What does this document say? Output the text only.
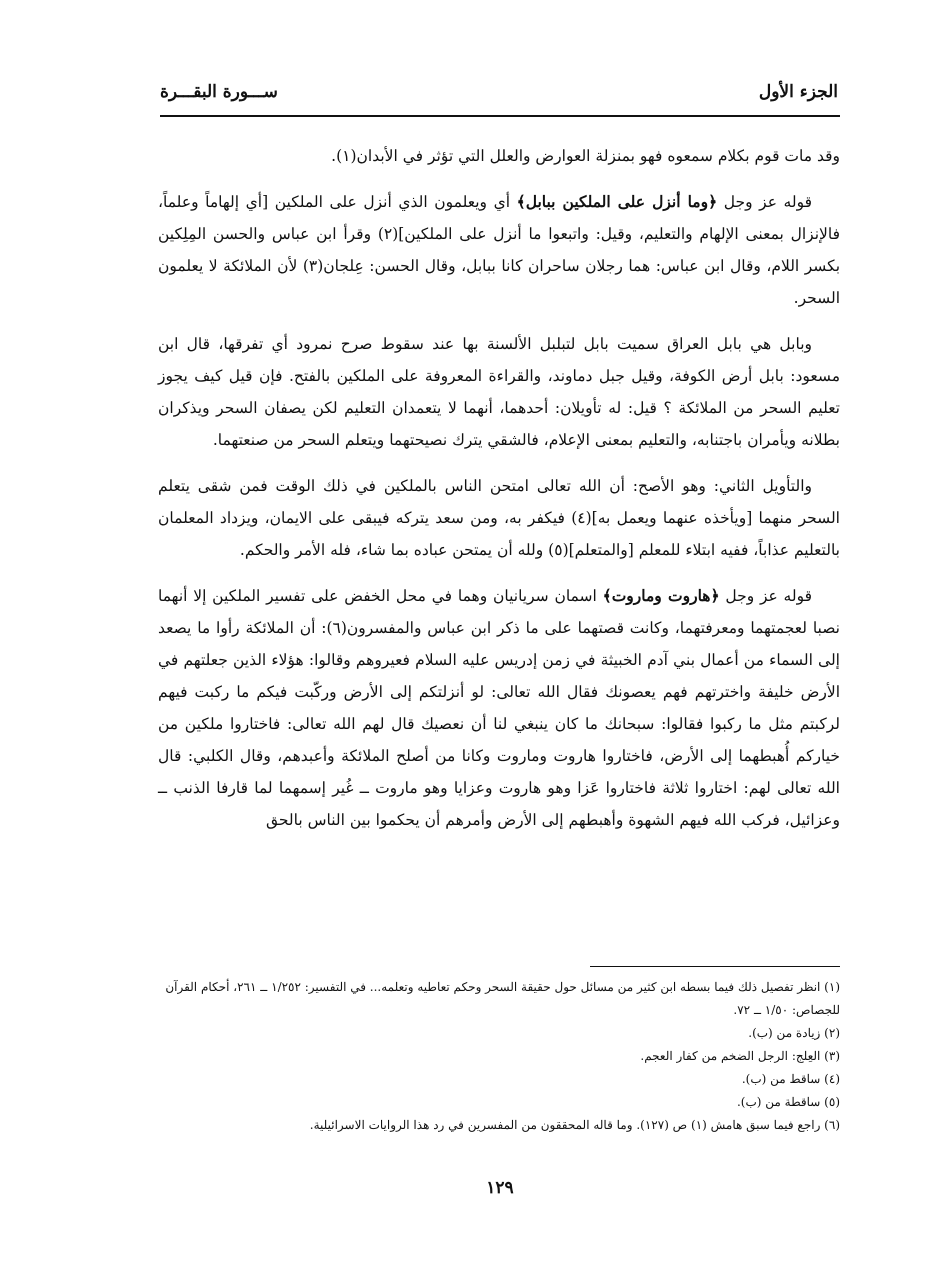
الجزء الأول
ســـورة البقـــرة

وقد مات قوم بكلام سمعوه فهو بمنزلة العوارض والعلل التي تؤثر في الأبدان(١).

قوله عز وجل ﴿وما أنزل على الملكين ببابل﴾ أي ويعلمون الذي أنزل على الملكين [أي إلهاماً وعلماً، فالإنزال بمعنى الإلهام والتعليم، وقيل: واتبعوا ما أنزل على الملكين](٢) وقرأ ابن عباس والحسن المِلِكين بكسر اللام، وقال ابن عباس: هما رجلان ساحران كانا ببابل، وقال الحسن: عِلجان(٣) لأن الملائكة لا يعلمون السحر.

وبابل هي بابل العراق سميت بابل لتبلبل الألسنة بها عند سقوط صرح نمرود أي تفرقها، قال ابن مسعود: بابل أرض الكوفة، وقيل جبل دماوند، والقراءة المعروفة على الملكين بالفتح. فإن قيل كيف يجوز تعليم السحر من الملائكة ؟ قيل: له تأويلان: أحدهما، أنهما لا يتعمدان التعليم لكن يصفان السحر ويذكران بطلانه ويأمران باجتنابه، والتعليم بمعنى الإعلام، فالشقي يترك نصيحتهما ويتعلم السحر من صنعتهما.

والتأويل الثاني: وهو الأصح: أن الله تعالى امتحن الناس بالملكين في ذلك الوقت فمن شقى يتعلم السحر منهما [ويأخذه عنهما ويعمل به](٤) فيكفر به، ومن سعد يتركه فيبقى على الايمان، ويزداد المعلمان بالتعليم عذاباً، ففيه ابتلاء للمعلم [والمتعلم](٥) ولله أن يمتحن عباده بما شاء، فله الأمر والحكم.

قوله عز وجل ﴿هاروت وماروت﴾ اسمان سريانيان وهما في محل الخفض على تفسير الملكين إلا أنهما نصبا لعجمتهما ومعرفتهما، وكانت قصتهما على ما ذكر ابن عباس والمفسرون(٦): أن الملائكة رأوا ما يصعد إلى السماء من أعمال بني آدم الخبيثة في زمن إدريس عليه السلام فعيروهم وقالوا: هؤلاء الذين جعلتهم في الأرض خليفة واخترتهم فهم يعصونك فقال الله تعالى: لو أنزلتكم إلى الأرض وركّبت فيكم ما ركبت فيهم لركبتم مثل ما ركبوا فقالوا: سبحانك ما كان ينبغي لنا أن نعصيك قال لهم الله تعالى: فاختاروا ملكين من خياركم أُهبطهما إلى الأرض، فاختاروا هاروت وماروت وكانا من أصلح الملائكة وأعبدهم، وقال الكلبي: قال الله تعالى لهم: اختاروا ثلاثة فاختاروا عَزا وهو هاروت وعزايا وهو ماروت ــ غُير إسمهما لما قارفا الذنب ــ وعزائيل، فركب الله فيهم الشهوة وأهبطهم إلى الأرض وأمرهم أن يحكموا بين الناس بالحق

(١) انظر تفصيل ذلك فيما بسطه ابن كثير من مسائل حول حقيقة السحر وحكم تعاطيه وتعلمه... في التفسير: ١/٢٥٢ ــ ٢٦١، أحكام القرآن للجصاص: ١/٥٠ ــ ٧٢.
(٢) زيادة من (ب).
(٣) العِلج: الرجل الضخم من كفار العجم.
(٤) ساقط من (ب).
(٥) ساقطة من (ب).
(٦) راجع فيما سبق هامش (١) ص (١٢٧). وما قاله المحققون من المفسرين في رد هذا الروايات الاسرائيلية.
١٢٩
